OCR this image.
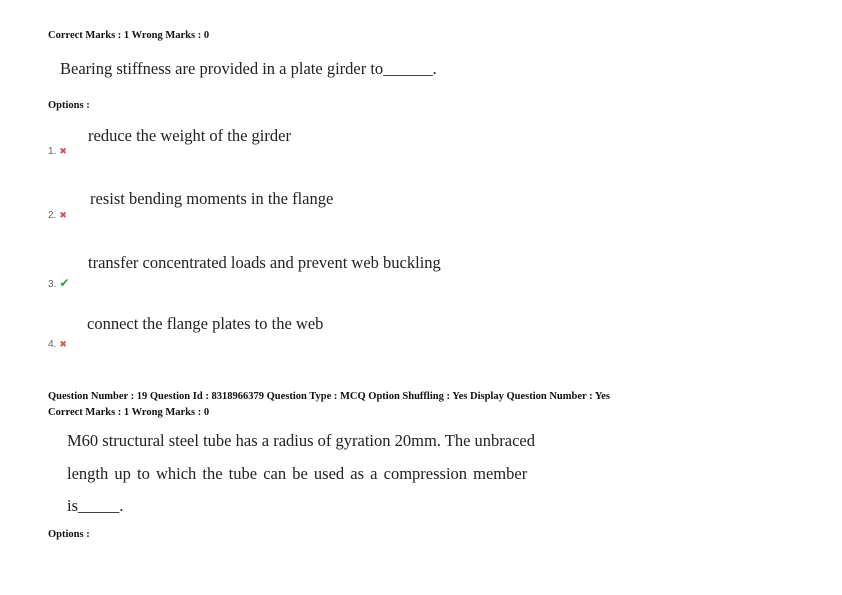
Correct Marks : 1 Wrong Marks : 0
Bearing stiffness are provided in a plate girder to______.
Options :
reduce the weight of the girder
1. ✖
resist bending moments in the flange
2. ✖
transfer concentrated loads and prevent web buckling
3. ✔
connect the flange plates to the web
4. ✖
Question Number : 19 Question Id : 8318966379 Question Type : MCQ Option Shuffling : Yes Display Question Number : Yes
Correct Marks : 1 Wrong Marks : 0
M60 structural steel tube has a radius of gyration 20mm. The unbraced
length up to which the tube can be used as a compression member
is_____.
Options :
